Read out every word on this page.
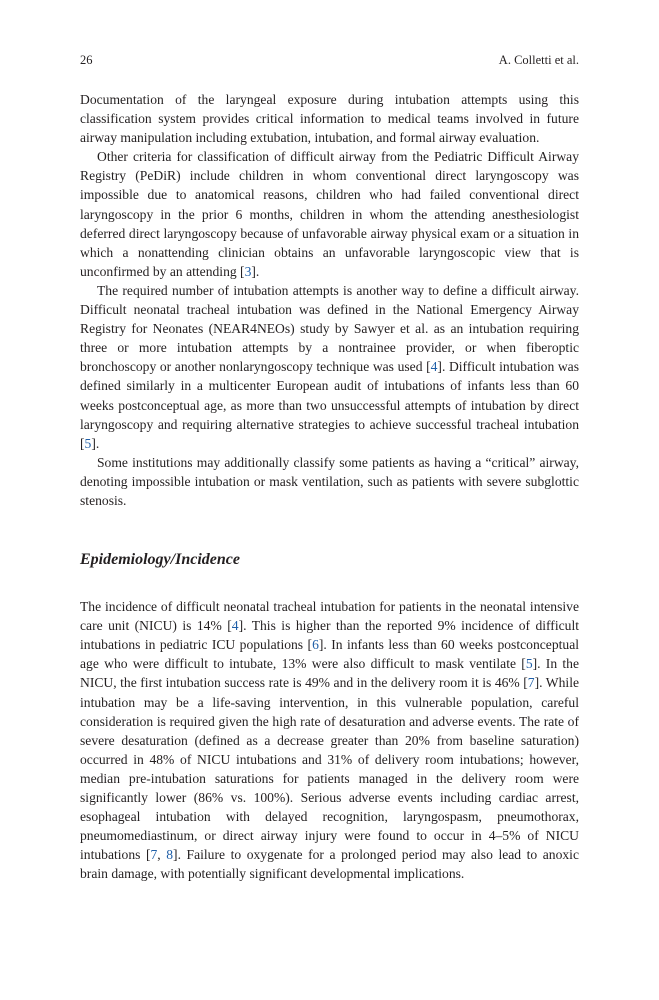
26	A. Colletti et al.

Documentation of the laryngeal exposure during intubation attempts using this classification system provides critical information to medical teams involved in future airway manipulation including extubation, intubation, and formal airway evaluation.

Other criteria for classification of difficult airway from the Pediatric Difficult Airway Registry (PeDiR) include children in whom conventional direct laryngoscopy was impossible due to anatomical reasons, children who had failed conventional direct laryngoscopy in the prior 6 months, children in whom the attending anesthesiologist deferred direct laryngoscopy because of unfavorable airway physical exam or a situation in which a nonattending clinician obtains an unfavorable laryngoscopic view that is unconfirmed by an attending [3].

The required number of intubation attempts is another way to define a difficult airway. Difficult neonatal tracheal intubation was defined in the National Emergency Airway Registry for Neonates (NEAR4NEOs) study by Sawyer et al. as an intubation requiring three or more intubation attempts by a nontrainee provider, or when fiberoptic bronchoscopy or another nonlaryngoscopy technique was used [4]. Difficult intubation was defined similarly in a multicenter European audit of intubations of infants less than 60 weeks postconceptual age, as more than two unsuccessful attempts of intubation by direct laryngoscopy and requiring alternative strategies to achieve successful tracheal intubation [5].

Some institutions may additionally classify some patients as having a “critical” airway, denoting impossible intubation or mask ventilation, such as patients with severe subglottic stenosis.

Epidemiology/Incidence

The incidence of difficult neonatal tracheal intubation for patients in the neonatal intensive care unit (NICU) is 14% [4]. This is higher than the reported 9% incidence of difficult intubations in pediatric ICU populations [6]. In infants less than 60 weeks postconceptual age who were difficult to intubate, 13% were also difficult to mask ventilate [5]. In the NICU, the first intubation success rate is 49% and in the delivery room it is 46% [7]. While intubation may be a life-saving intervention, in this vulnerable population, careful consideration is required given the high rate of desaturation and adverse events. The rate of severe desaturation (defined as a decrease greater than 20% from baseline saturation) occurred in 48% of NICU intubations and 31% of delivery room intubations; however, median pre-intubation saturations for patients managed in the delivery room were significantly lower (86% vs. 100%). Serious adverse events including cardiac arrest, esophageal intubation with delayed recognition, laryngospasm, pneumothorax, pneumomediastinum, or direct airway injury were found to occur in 4–5% of NICU intubations [7, 8]. Failure to oxygenate for a prolonged period may also lead to anoxic brain damage, with potentially significant developmental implications.
